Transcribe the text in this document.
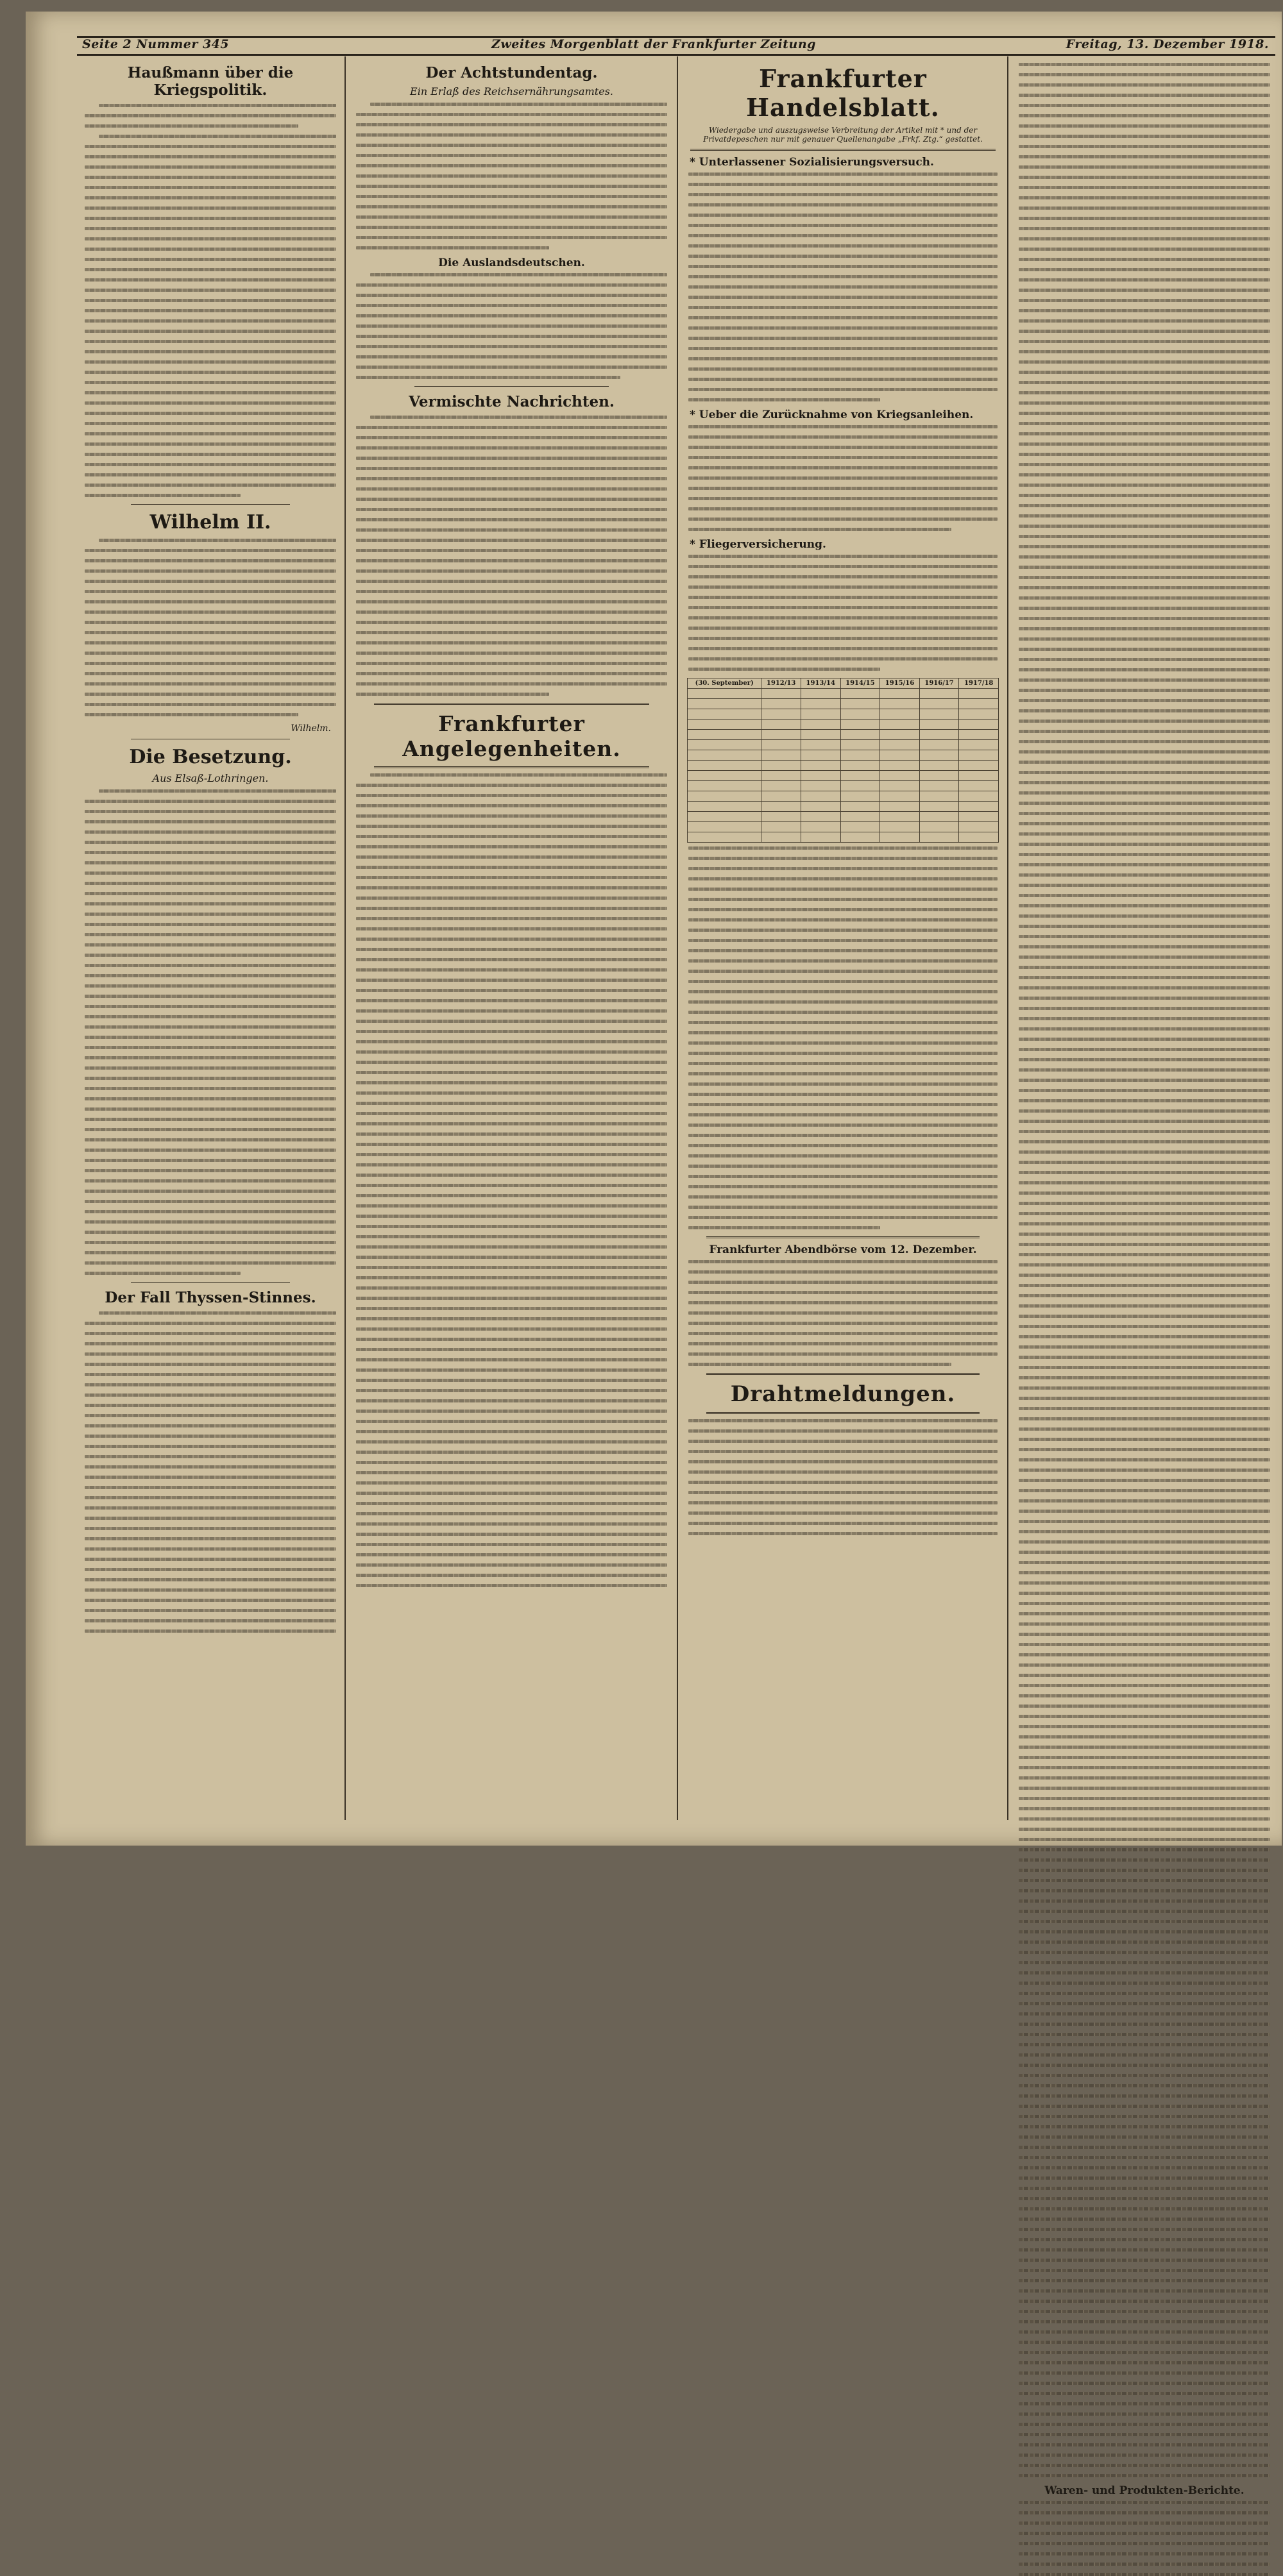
Seite 2 Nummer 345	Zweites Morgenblatt der Frankfurter Zeitung	Freitag, 13. Dezember 1918.
Haußmann über die Kriegspolitik.
Wilhelm II.
Wilhelm.
Die Besetzung.
Aus Elsaß-Lothringen.
Der Fall Thyssen-Stinnes.
Der Achtstundentag.
Ein Erlaß des Reichsernährungsamtes.
Die Auslandsdeutschen.
Vermischte Nachrichten.
Frankfurter Angelegenheiten.
Frankfurter Handelsblatt.
Wiedergabe und auszugsweise Verbreitung der Artikel mit * und der Privatdepeschen nur mit genauer Quellenangabe „Frkf. Ztg.“ gestattet.
* Unterlassener Sozialisierungsversuch.
* Ueber die Zurücknahme von Kriegsanleihen.
* Fliegerversicherung.
(30. September)	1912/13	1913/14	1914/15	1915/16	1916/17	1917/18

Frankfurter Abendbörse vom 12. Dezember.
Drahtmeldungen.
Waren- und Produkten-Berichte.
